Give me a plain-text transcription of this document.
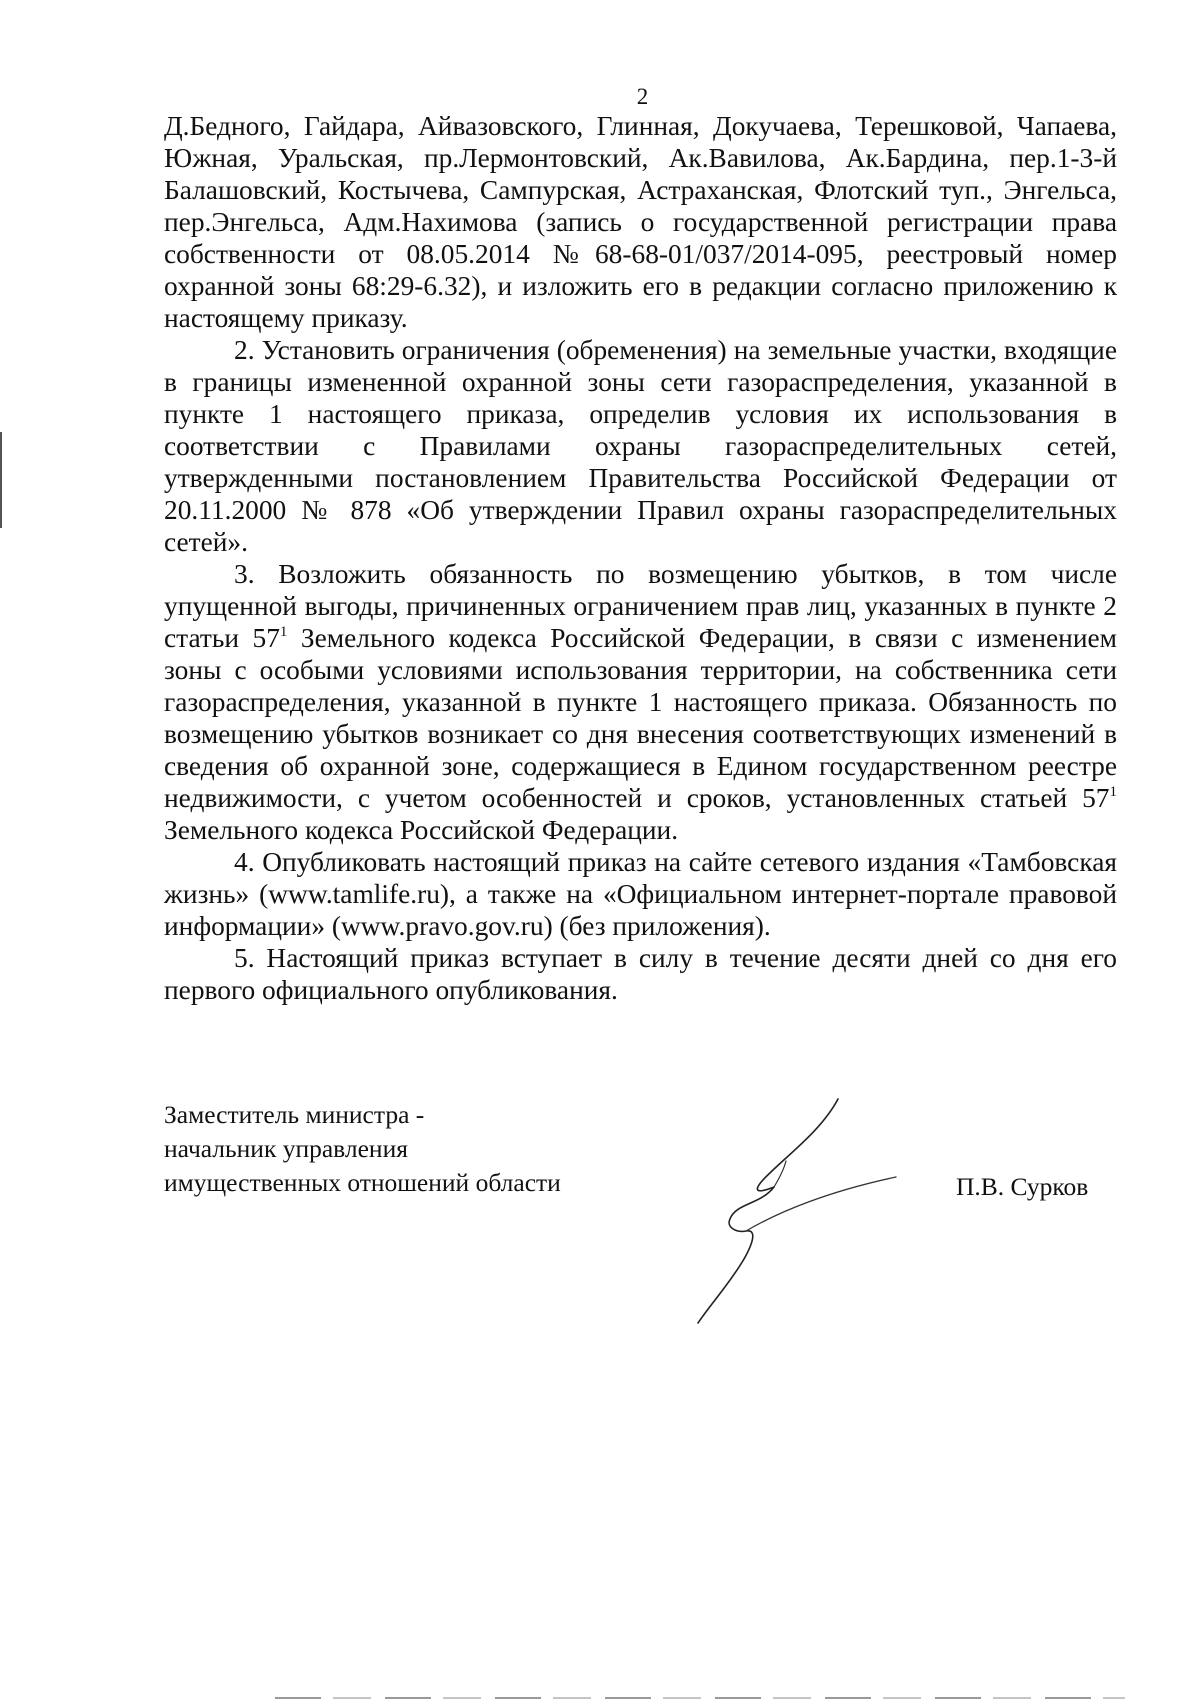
2

Д.Бедного, Гайдара, Айвазовского, Глинная, Докучаева, Терешковой, Чапаева, Южная, Уральская, пр.Лермонтовский, Ак.Вавилова, Ак.Бардина, пер.1-3-й Балашовский, Костычева, Сампурская, Астраханская, Флотский туп., Энгельса, пер.Энгельса, Адм.Нахимова (запись о государственной регистрации права собственности от 08.05.2014 №68-68-01/037/2014-095, реестровый номер охранной зоны 68:29-6.32), и изложить его в редакции согласно приложению к настоящему приказу.

2. Установить ограничения (обременения) на земельные участки, входящие в границы измененной охранной зоны сети газораспределения, указанной в пункте 1 настоящего приказа, определив условия их использования в соответствии с Правилами охраны газораспределительных сетей, утвержденными постановлением Правительства Российской Федерации от 20.11.2000 № 878 «Об утверждении Правил охраны газораспределительных сетей».

3. Возложить обязанность по возмещению убытков, в том числе упущенной выгоды, причиненных ограничением прав лиц, указанных в пункте 2 статьи $57^1$ Земельного кодекса Российской Федерации, в связи с изменением зоны с особыми условиями использования территории, на собственника сети газораспределения, указанной в пункте 1 настоящего приказа. Обязанность по возмещению убытков возникает со дня внесения соответствующих изменений в сведения об охранной зоне, содержащиеся в Едином государственном реестре недвижимости, с учетом особенностей и сроков, установленных статьей $57^1$ Земельного кодекса Российской Федерации.

4. Опубликовать настоящий приказ на сайте сетевого издания «Тамбовская жизнь» (www.tamlife.ru), а также на «Официальном интернет-портале правовой информации» (www.pravo.gov.ru) (без приложения).

5. Настоящий приказ вступает в силу в течение десяти дней со дня его первого официального опубликования.

Заместитель министра -
начальник управления
имущественных отношений области	П.В. Сурков
